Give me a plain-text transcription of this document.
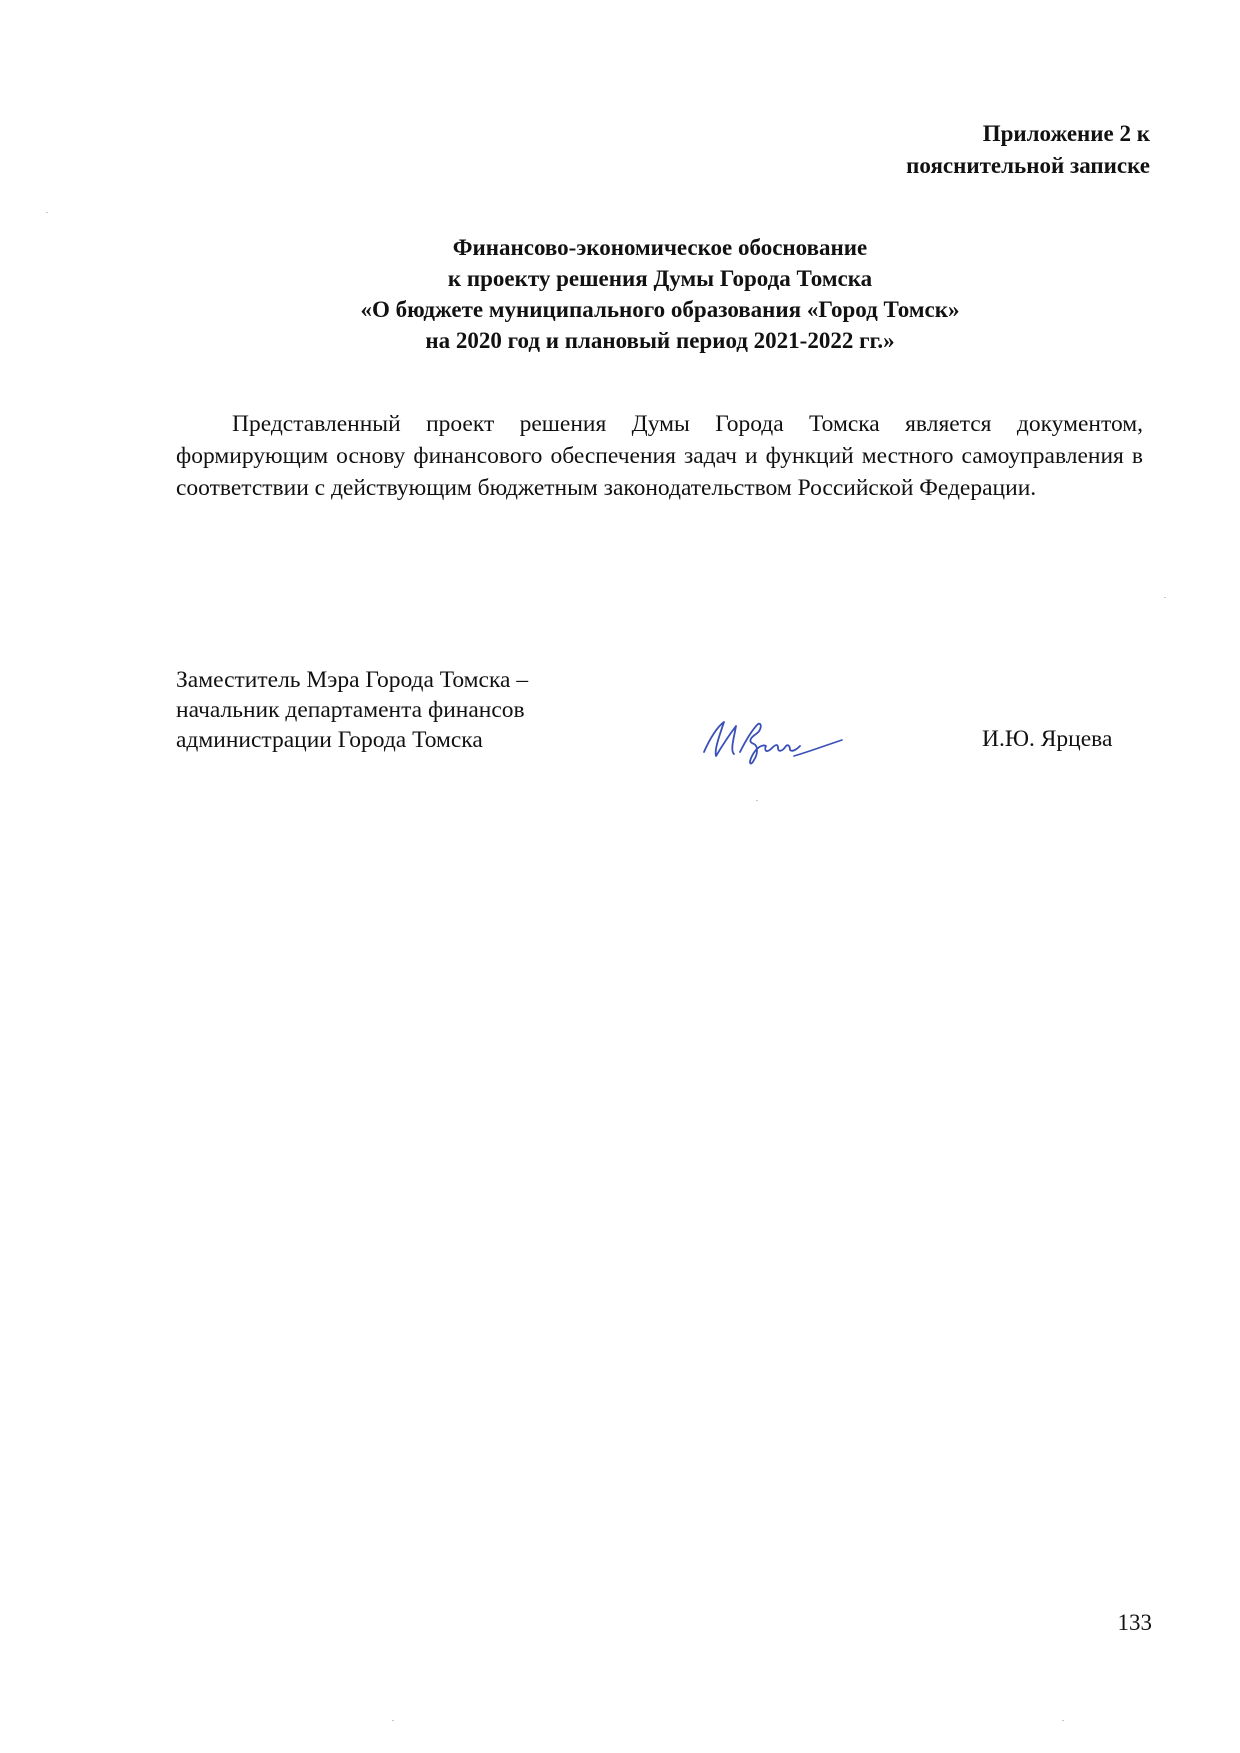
Приложение 2 к
пояснительной записке
Финансово-экономическое обоснование
к проекту решения Думы Города Томска
«О бюджете муниципального образования «Город Томск»
на 2020 год и плановый период 2021-2022 гг.»

Представленный проект решения Думы Города Томска является документом, формирующим основу финансового обеспечения задач и функций местного самоуправления в соответствии с действующим бюджетным законодательством Российской Федерации.

Заместитель Мэра Города Томска –
начальник департамента финансов
администрации Города Томска	И.Ю. Ярцева
133
